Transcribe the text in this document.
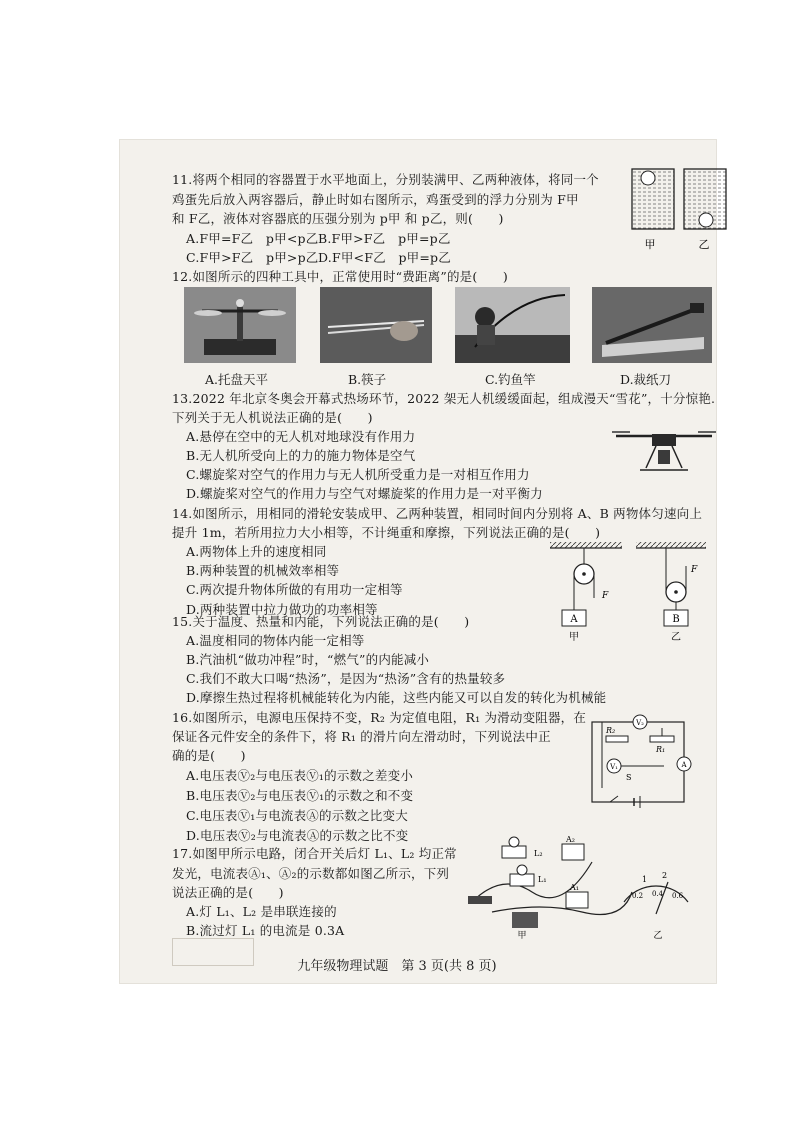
11.将两个相同的容器置于水平地面上，分别装满甲、乙两种液体，将同一个
鸡蛋先后放入两容器后，静止时如右图所示，鸡蛋受到的浮力分别为 F甲
和 F乙，液体对容器底的压强分别为 p甲 和 p乙，则(　　)
A.F甲=F乙　p甲<p乙 B.F甲>F乙　p甲=p乙
C.F甲>F乙　p甲>p乙 D.F甲<F乙　p甲=p乙
甲	乙
12.如图所示的四种工具中，正常使用时“费距离”的是(　　)
A.托盘天平	B.筷子	C.钓鱼竿	D.裁纸刀
13.2022 年北京冬奥会开幕式热场环节，2022 架无人机缓缓面起，组成漫天“雪花”，十分惊艳.
下列关于无人机说法正确的是(　　)
A.悬停在空中的无人机对地球没有作用力
B.无人机所受向上的力的施力物体是空气
C.螺旋桨对空气的作用力与无人机所受重力是一对相互作用力
D.螺旋桨对空气的作用力与空气对螺旋桨的作用力是一对平衡力
14.如图所示，用相同的滑轮安装成甲、乙两种装置，相同时间内分别将 A、B 两物体匀速向上
提升 1m，若所用拉力大小相等，不计绳重和摩擦，下列说法正确的是(　　)
A.两物体上升的速度相同
B.两种装置的机械效率相等
C.两次提升物体所做的有用功一定相等
D.两种装置中拉力做功的功率相等
A
F
甲
B
F
乙
15.关于温度、热量和内能，下列说法正确的是(　　)
A.温度相同的物体内能一定相等
B.汽油机“做功冲程”时，“燃气”的内能减小
C.我们不敢大口喝“热汤”，是因为“热汤”含有的热量较多
D.摩擦生热过程将机械能转化为内能，这些内能又可以自发的转化为机械能
16.如图所示，电源电压保持不变，R₂ 为定值电阻，R₁ 为滑动变阻器，在
保证各元件安全的条件下，将 R₁ 的滑片向左滑动时，下列说法中正
确的是(　　)
A.电压表Ⓥ₂与电压表Ⓥ₁的示数之差变小
B.电压表Ⓥ₂与电压表Ⓥ₁的示数之和不变
C.电压表Ⓥ₁与电流表Ⓐ的示数之比变大
D.电压表Ⓥ₂与电流表Ⓐ的示数之比不变
V₂
R₂
R₁
V₁
S
A
17.如图甲所示电路，闭合开关后灯 L₁、L₂ 均正常
发光，电流表Ⓐ₁、Ⓐ₂的示数都如图乙所示，下列
说法正确的是(　　)
A.灯 L₁、L₂ 是串联连接的
B.流过灯 L₁ 的电流是 0.3A
L₂
L₁
A₂
A₁
甲
1 2
0.2 0.4 0.6
乙
九年级物理试题　第 3 页(共 8 页)
